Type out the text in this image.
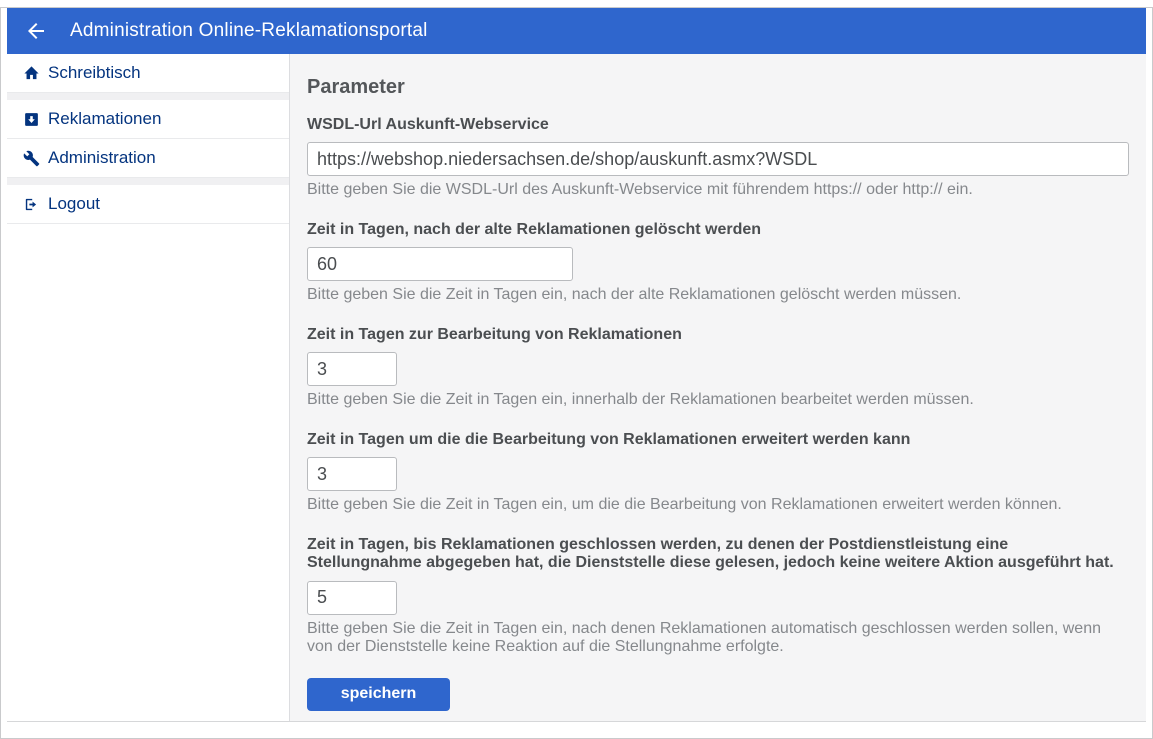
Administration Online-Reklamationsportal
Schreibtisch
Reklamationen
Administration
Logout
Parameter
WSDL-Url Auskunft-Webservice
https://webshop.niedersachsen.de/shop/auskunft.asmx?WSDL
Bitte geben Sie die WSDL-Url des Auskunft-Webservice mit führendem https:// oder http:// ein.
Zeit in Tagen, nach der alte Reklamationen gelöscht werden
60
Bitte geben Sie die Zeit in Tagen ein, nach der alte Reklamationen gelöscht werden müssen.
Zeit in Tagen zur Bearbeitung von Reklamationen
3
Bitte geben Sie die Zeit in Tagen ein, innerhalb der Reklamationen bearbeitet werden müssen.
Zeit in Tagen um die die Bearbeitung von Reklamationen erweitert werden kann
3
Bitte geben Sie die Zeit in Tagen ein, um die die Bearbeitung von Reklamationen erweitert werden können.
Zeit in Tagen, bis Reklamationen geschlossen werden, zu denen der Postdienstleistung eine Stellungnahme abgegeben hat, die Dienststelle diese gelesen, jedoch keine weitere Aktion ausgeführt hat.
5
Bitte geben Sie die Zeit in Tagen ein, nach denen Reklamationen automatisch geschlossen werden sollen, wenn von der Dienststelle keine Reaktion auf die Stellungnahme erfolgte.
speichern
